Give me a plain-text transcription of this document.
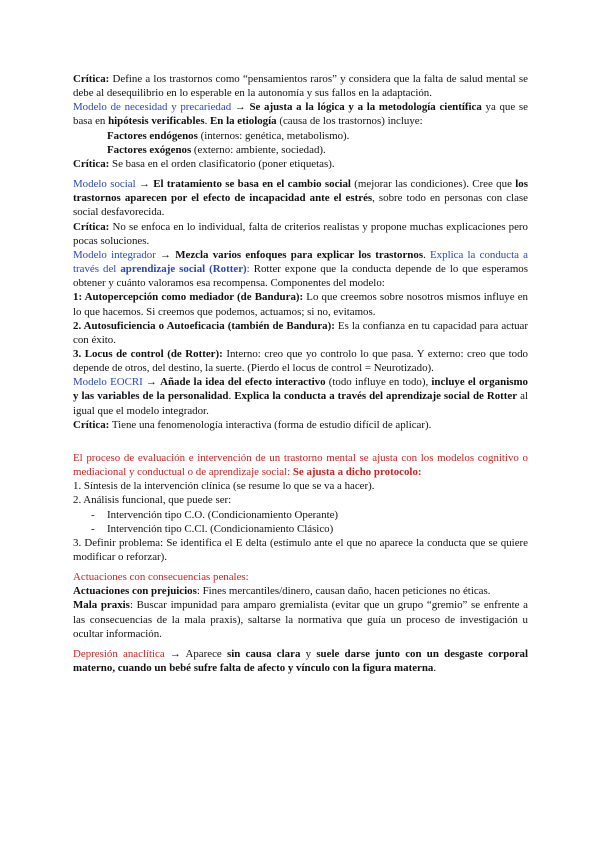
Crítica: Define a los trastornos como “pensamientos raros” y considera que la falta de salud mental se debe al desequilibrio en lo esperable en la autonomía y sus fallos en la adaptación.

Modelo de necesidad y precariedad → Se ajusta a la lógica y a la metodología científica ya que se basa en hipótesis verificables. En la etiología (causa de los trastornos) incluye:

Factores endógenos (internos: genética, metabolismo).

Factores exógenos (externo: ambiente, sociedad).

Crítica: Se basa en el orden clasificatorio (poner etiquetas).

Modelo social → El tratamiento se basa en el cambio social (mejorar las condiciones). Cree que los trastornos aparecen por el efecto de incapacidad ante el estrés, sobre todo en personas con clase social desfavorecida.

Crítica: No se enfoca en lo individual, falta de criterios realistas y propone muchas explicaciones pero pocas soluciones.

Modelo integrador → Mezcla varios enfoques para explicar los trastornos. Explica la conducta a través del aprendizaje social (Rotter): Rotter expone que la conducta depende de lo que esperamos obtener y cuánto valoramos esa recompensa. Componentes del modelo:

1: Autopercepción como mediador (de Bandura): Lo que creemos sobre nosotros mismos influye en lo que hacemos. Si creemos que podemos, actuamos; si no, evitamos.

2. Autosuficiencia o Autoeficacia (también de Bandura): Es la confianza en tu capacidad para actuar con éxito.

3. Locus de control (de Rotter): Interno: creo que yo controlo lo que pasa. Y externo: creo que todo depende de otros, del destino, la suerte. (Pierdo el locus de control = Neurotizado).

Modelo EOCRI → Añade la idea del efecto interactivo (todo influye en todo), incluye el organismo y las variables de la personalidad. Explica la conducta a través del aprendizaje social de Rotter al igual que el modelo integrador.

Crítica: Tiene una fenomenología interactiva (forma de estudio difícil de aplicar).

El proceso de evaluación e intervención de un trastorno mental se ajusta con los modelos cognitivo o mediacional y conductual o de aprendizaje social: Se ajusta a dicho protocolo:

1. Síntesis de la intervención clínica (se resume lo que se va a hacer).

2. Análisis funcional, que puede ser:

- Intervención tipo C.O. (Condicionamiento Operante)
- Intervención tipo C.Cl. (Condicionamiento Clásico)

3. Definir problema: Se identifica el E delta (estímulo ante el que no aparece la conducta que se quiere modificar o reforzar).

Actuaciones con consecuencias penales:

Actuaciones con prejuicios: Fines mercantiles/dinero, causan daño, hacen peticiones no éticas.

Mala praxis: Buscar impunidad para amparo gremialista (evitar que un grupo “gremio” se enfrente a las consecuencias de la mala praxis), saltarse la normativa que guía un proceso de investigación u ocultar información.

Depresión anaclítica → Aparece sin causa clara y suele darse junto con un desgaste corporal materno, cuando un bebé sufre falta de afecto y vínculo con la figura materna.
